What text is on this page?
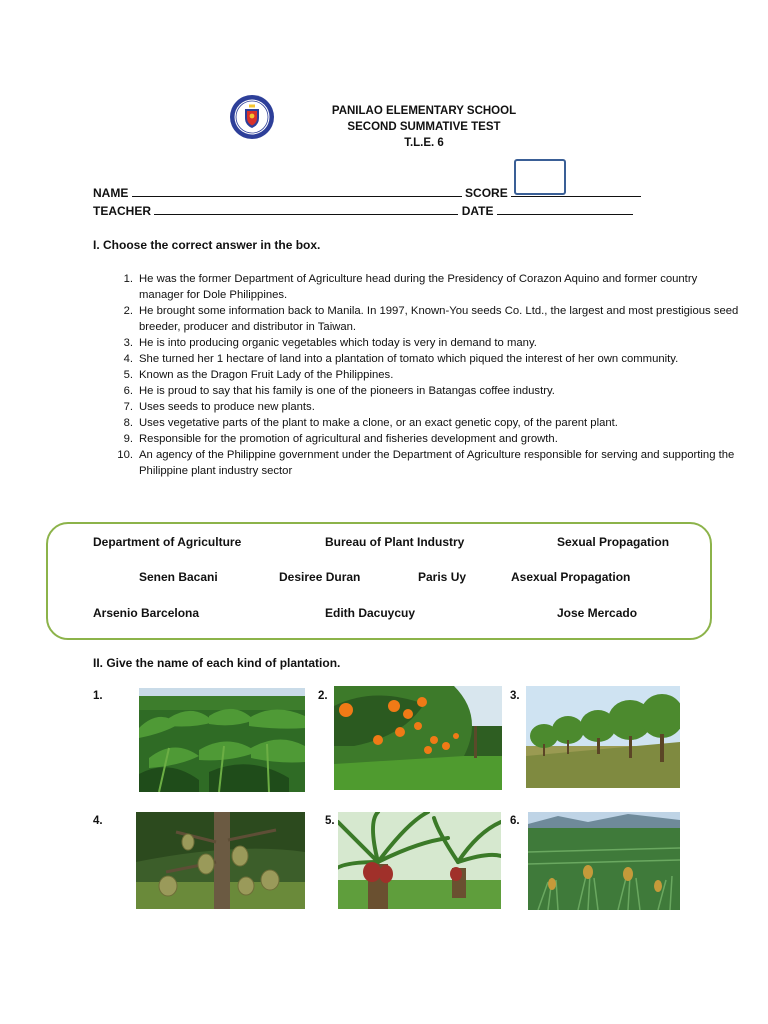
PANILAO ELEMENTARY SCHOOL
SECOND SUMMATIVE TEST
T.L.E. 6
NAME	SCORE
TEACHER	DATE
I. Choose the correct answer in the box.
1. He was the former Department of Agriculture head during the Presidency of Corazon Aquino and former country manager for Dole Philippines.
2. He brought some information back to Manila. In 1997, Known-You seeds Co. Ltd., the largest and most prestigious seed breeder, producer and distributor in Taiwan.
3. He is into producing organic vegetables which today is very in demand to many.
4. She turned her 1 hectare of land into a plantation of tomato which piqued the interest of her own community.
5. Known as the Dragon Fruit Lady of the Philippines.
6. He is proud to say that his family is one of the pioneers in Batangas coffee industry.
7. Uses seeds to produce new plants.
8. Uses vegetative parts of the plant to make a clone, or an exact genetic copy, of the parent plant.
9. Responsible for the promotion of agricultural and fisheries development and growth.
10. An agency of the Philippine government under the Department of Agriculture responsible for serving and supporting the Philippine plant industry sector
Department of Agriculture	Bureau of Plant Industry	Sexual Propagation
Senen Bacani	Desiree Duran	Paris Uy	Asexual Propagation
Arsenio Barcelona	Edith Dacuycuy	Jose Mercado
II. Give the name of each kind of plantation.
1.	2.	3.
4.	5.	6.
